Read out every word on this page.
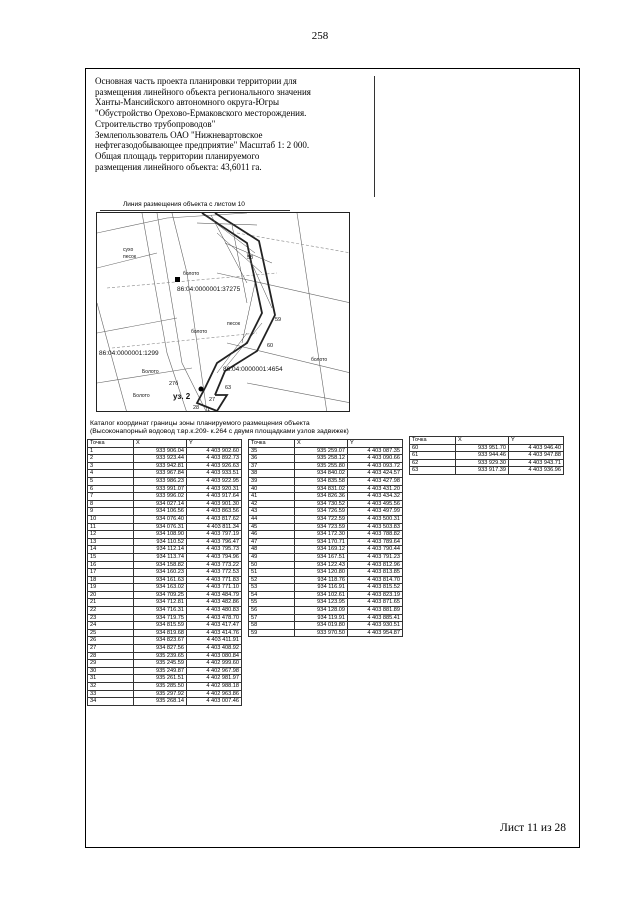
258
Основная часть проекта планировки территории для
размещения линейного объекта регионального значения
Ханты-Мансийского автономного округа-Югры
"Обустройство Орехово-Ермаковского месторождения.
Строительство трубопроводов"
Землепользователь ОАО "Нижневартовское
нефтегазодобывающее предприятие" Масштаб 1: 2 000.
Общая площадь территории планируемого
размещения линейного объекта: 43,6011 га.
Линия размещения объекта с листом 10
сухо
песок
болото
песок
болото
болото
Болото
Болото
86:04:0000001:37275
86:04:0000001:1299
86:04:0000001:4654
уз. 2
58
59
60
63
27
28
27б
1
Каталог координат границы зоны планируемого размещения объекта
(Высоконапорный водовод т.вр.к.209- к.264 с двумя площадками узлов задвижек)
Точка	X	Y
1	933 906.04	4 403 902.60
2	933 923.44	4 403 892.73
3	933 942.81	4 403 926.63
4	933 967.84	4 403 933.51
5	933 986.23	4 403 922.95
6	933 991.07	4 403 920.31
7	933 996.02	4 403 917.64
8	934 027.14	4 403 901.30
9	934 106.56	4 403 863.56
10	934 076.40	4 403 817.62
11	934 076.31	4 403 811.34
12	934 108.90	4 403 797.19
13	934 110.52	4 403 796.47
14	934 112.14	4 403 795.73
15	934 113.74	4 403 794.96
16	934 158.82	4 403 773.22
17	934 160.23	4 403 772.53
18	934 161.63	4 403 771.83
19	934 163.02	4 403 771.10
20	934 709.25	4 403 484.79
21	934 712.81	4 403 482.86
22	934 716.31	4 403 480.83
23	934 719.75	4 403 478.70
24	934 815.59	4 403 417.47
25	934 819.68	4 403 414.76
26	934 823.67	4 403 411.91
27	934 827.56	4 403 408.92
28	935 239.65	4 403 080.84
29	935 245.59	4 402 999.60
30	935 249.87	4 402 967.98
31	935 261.51	4 402 981.97
32	935 285.50	4 402 988.18
33	935 297.92	4 402 963.86
34	935 268.14	4 403 007.46
Точка	X	Y
35	935 259.07	4 403 087.35
36	935 258.12	4 403 090.66
37	935 255.80	4 403 093.72
38	934 840.02	4 403 424.57
39	934 835.58	4 403 427.98
40	934 831.02	4 403 431.20
41	934 826.36	4 403 434.32
42	934 730.52	4 403 495.56
43	934 726.59	4 403 497.99
44	934 722.59	4 403 500.31
45	934 723.59	4 403 503.83
46	934 172.30	4 403 788.82
47	934 170.71	4 403 789.64
48	934 169.12	4 403 790.44
49	934 167.51	4 403 791.23
50	934 122.43	4 403 812.96
51	934 120.80	4 403 813.85
52	934 118.76	4 403 814.70
53	934 116.91	4 403 815.52
54	934 102.61	4 403 823.19
55	934 123.95	4 403 871.65
56	934 128.09	4 403 881.89
57	934 119.91	4 403 885.41
58	934 019.80	4 403 930.51
59	933 970.50	4 403 954.87
Точка	X	Y
60	933 951.70	4 403 946.40
61	933 944.46	4 403 947.88
62	933 929.30	4 403 943.71
63	933 917.39	4 403 936.96
Лист 11 из 28
